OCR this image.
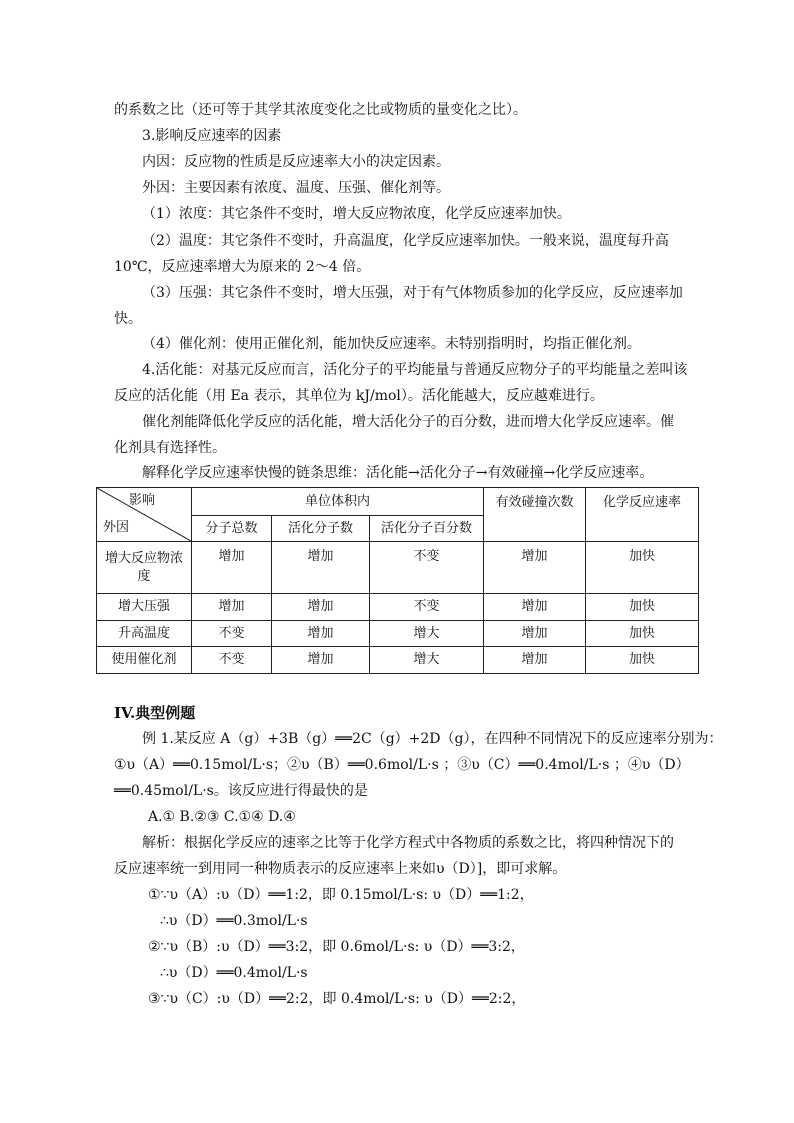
的系数之比（还可等于其学其浓度变化之比或物质的量变化之比）。
3.影响反应速率的因素
内因：反应物的性质是反应速率大小的决定因素。
外因：主要因素有浓度、温度、压强、催化剂等。
（1）浓度：其它条件不变时，增大反应物浓度，化学反应速率加快。
（2）温度：其它条件不变时，升高温度，化学反应速率加快。一般来说，温度每升高
10℃，反应速率增大为原来的 2～4 倍。
（3）压强：其它条件不变时，增大压强，对于有气体物质参加的化学反应，反应速率加
快。
（4）催化剂：使用正催化剂，能加快反应速率。未特别指明时，均指正催化剂。
4.活化能：对基元反应而言，活化分子的平均能量与普通反应物分子的平均能量之差叫该
反应的活化能（用 Ea 表示，其单位为 kJ/mol）。活化能越大，反应越难进行。
催化剂能降低化学反应的活化能，增大活化分子的百分数，进而增大化学反应速率。催
化剂具有选择性。
解释化学反应速率快慢的链条思维：活化能→活化分子→有效碰撞→化学反应速率。
影响
外因	单位体积内			有效碰撞次数	化学反应速率
	分子总数	活化分子数	活化分子百分数		
增大反应物浓度	增加	增加	不变	增加	加快
增大压强	增加	增加	不变	增加	加快
升高温度	不变	增加	增大	增加	加快
使用催化剂	不变	增加	增大	增加	加快
IV.典型例题
例 1.某反应 A（g）+3B（g）══2C（g）+2D（g），在四种不同情况下的反应速率分别为：
①υ（A）══0.15mol/L·s；②υ（B）══0.6mol/L·s ；③υ（C）══0.4mol/L·s ；④υ（D）
══0.45mol/L·s。该反应进行得最快的是
A.① B.②③ C.①④ D.④
解析：根据化学反应的速率之比等于化学方程式中各物质的系数之比，将四种情况下的
反应速率统一到用同一种物质表示的反应速率上来如υ（D）]，即可求解。
①∵υ（A）:υ（D）══1:2，即 0.15mol/L·s: υ（D）══1:2，
∴υ（D）══0.3mol/L·s
②∵υ（B）:υ（D）══3:2，即 0.6mol/L·s: υ（D）══3:2，
∴υ（D）══0.4mol/L·s
③∵υ（C）:υ（D）══2:2，即 0.4mol/L·s: υ（D）══2:2，
